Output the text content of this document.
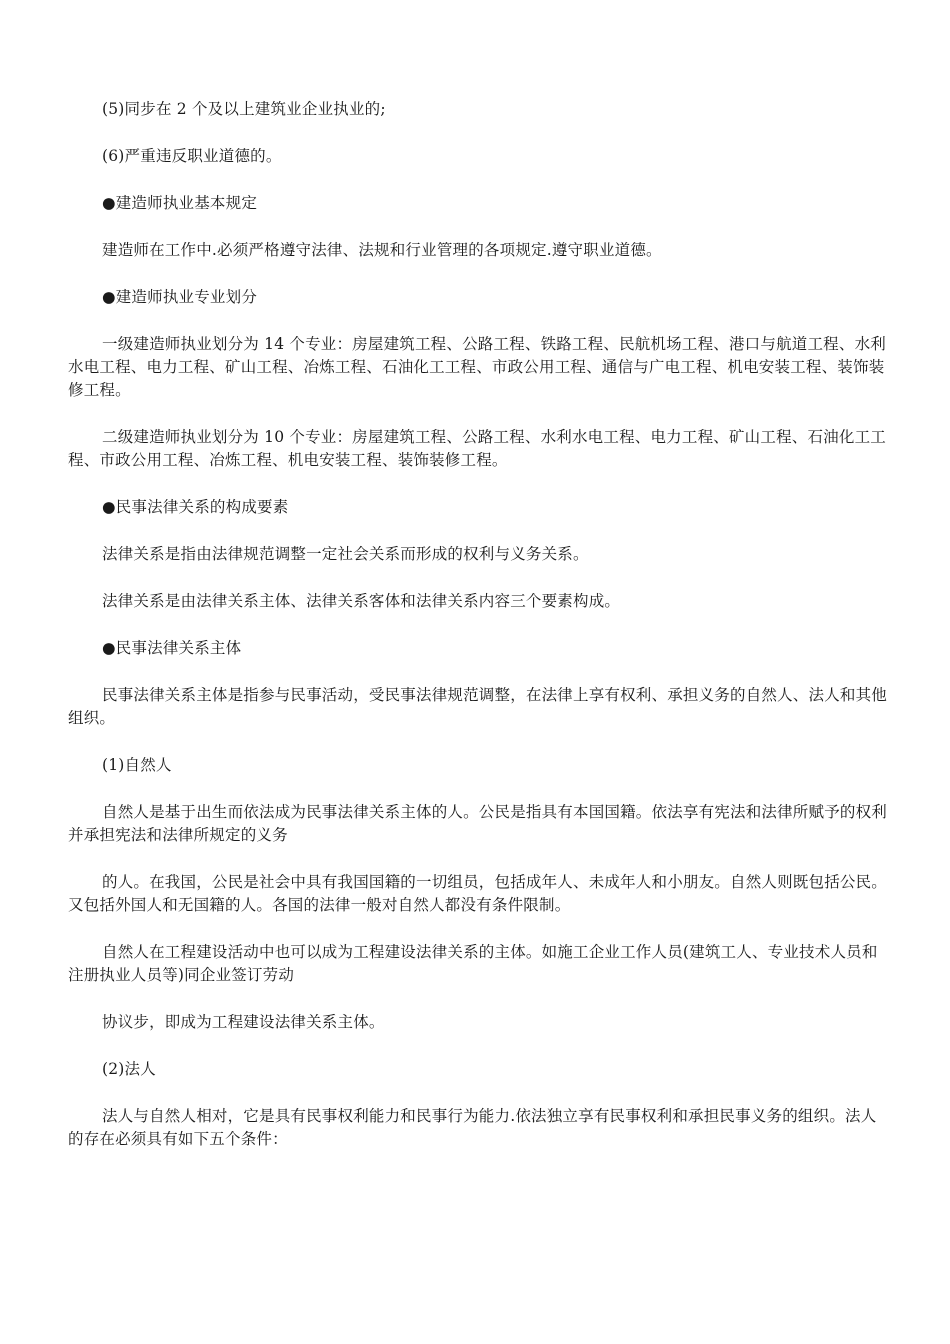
(5)同步在 2 个及以上建筑业企业执业的;

(6)严重违反职业道德的。

●建造师执业基本规定

建造师在工作中.必须严格遵守法律、法规和行业管理的各项规定.遵守职业道德。

●建造师执业专业划分

一级建造师执业划分为 14 个专业：房屋建筑工程、公路工程、铁路工程、民航机场工程、港口与航道工程、水利水电工程、电力工程、矿山工程、冶炼工程、石油化工工程、市政公用工程、通信与广电工程、机电安装工程、装饰装修工程。

二级建造师执业划分为 10 个专业：房屋建筑工程、公路工程、水利水电工程、电力工程、矿山工程、石油化工工程、市政公用工程、冶炼工程、机电安装工程、装饰装修工程。

●民事法律关系的构成要素

法律关系是指由法律规范调整一定社会关系而形成的权利与义务关系。

法律关系是由法律关系主体、法律关系客体和法律关系内容三个要素构成。

●民事法律关系主体

民事法律关系主体是指参与民事活动，受民事法律规范调整，在法律上享有权利、承担义务的自然人、法人和其他组织。

(1)自然人

自然人是基于出生而依法成为民事法律关系主体的人。公民是指具有本国国籍。依法享有宪法和法律所赋予的权利并承担宪法和法律所规定的义务

的人。在我国，公民是社会中具有我国国籍的一切组员，包括成年人、未成年人和小朋友。自然人则既包括公民。又包括外国人和无国籍的人。各国的法律一般对自然人都没有条件限制。

自然人在工程建设活动中也可以成为工程建设法律关系的主体。如施工企业工作人员(建筑工人、专业技术人员和注册执业人员等)同企业签订劳动

协议步，即成为工程建设法律关系主体。

(2)法人

法人与自然人相对，它是具有民事权利能力和民事行为能力.依法独立享有民事权利和承担民事义务的组织。法人的存在必须具有如下五个条件：
